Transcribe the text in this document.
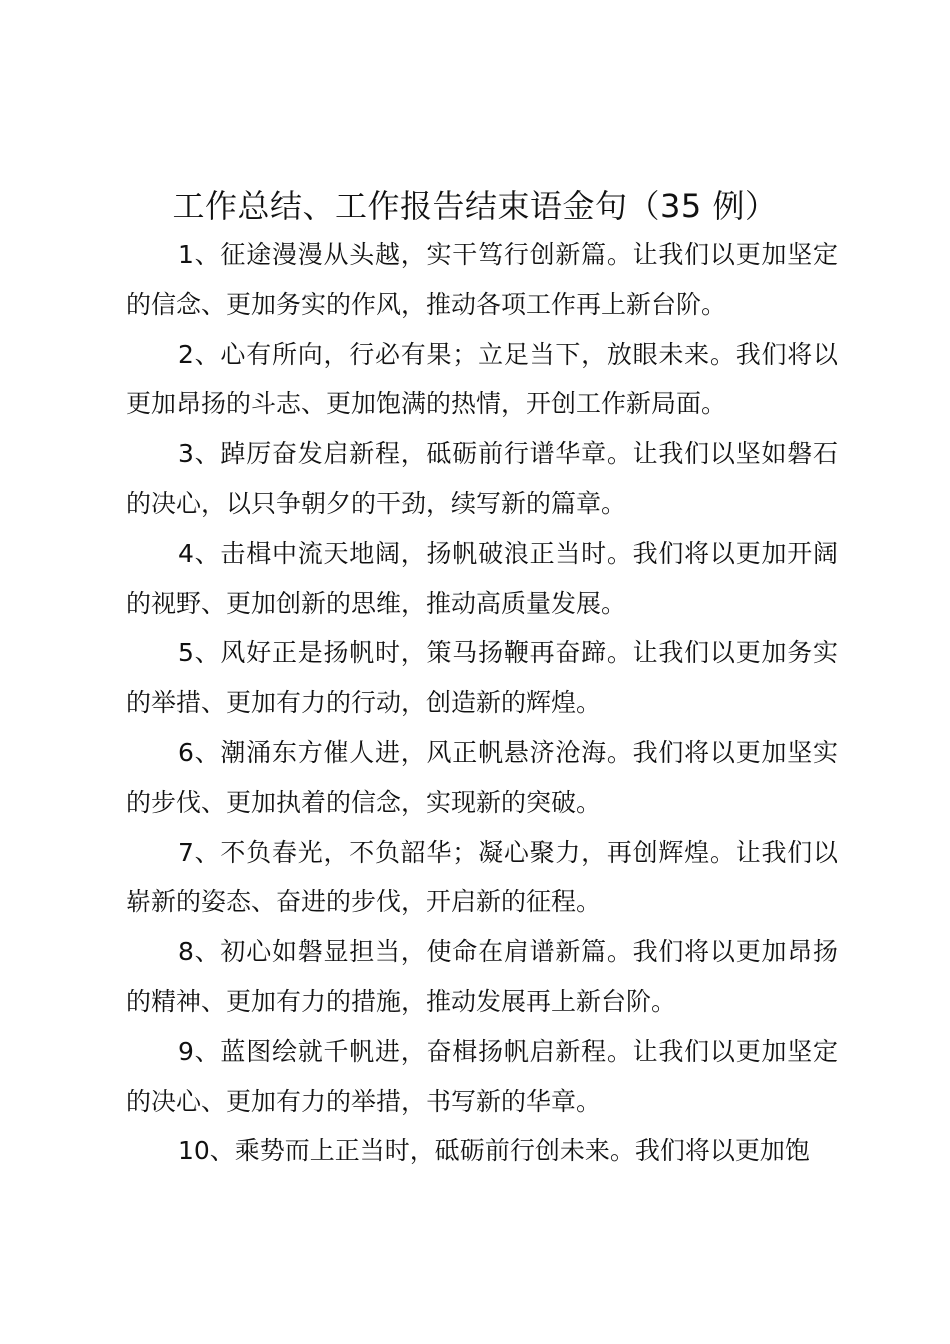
工作总结、工作报告结束语金句（35 例）

1、征途漫漫从头越，实干笃行创新篇。让我们以更加坚定的信念、更加务实的作风，推动各项工作再上新台阶。

2、心有所向，行必有果；立足当下，放眼未来。我们将以更加昂扬的斗志、更加饱满的热情，开创工作新局面。

3、踔厉奋发启新程，砥砺前行谱华章。让我们以坚如磐石的决心，以只争朝夕的干劲，续写新的篇章。

4、击楫中流天地阔，扬帆破浪正当时。我们将以更加开阔的视野、更加创新的思维，推动高质量发展。

5、风好正是扬帆时，策马扬鞭再奋蹄。让我们以更加务实的举措、更加有力的行动，创造新的辉煌。

6、潮涌东方催人进，风正帆悬济沧海。我们将以更加坚实的步伐、更加执着的信念，实现新的突破。

7、不负春光，不负韶华；凝心聚力，再创辉煌。让我们以崭新的姿态、奋进的步伐，开启新的征程。

8、初心如磐显担当，使命在肩谱新篇。我们将以更加昂扬的精神、更加有力的措施，推动发展再上新台阶。

9、蓝图绘就千帆进，奋楫扬帆启新程。让我们以更加坚定的决心、更加有力的举措，书写新的华章。

10、乘势而上正当时，砥砺前行创未来。我们将以更加饱
